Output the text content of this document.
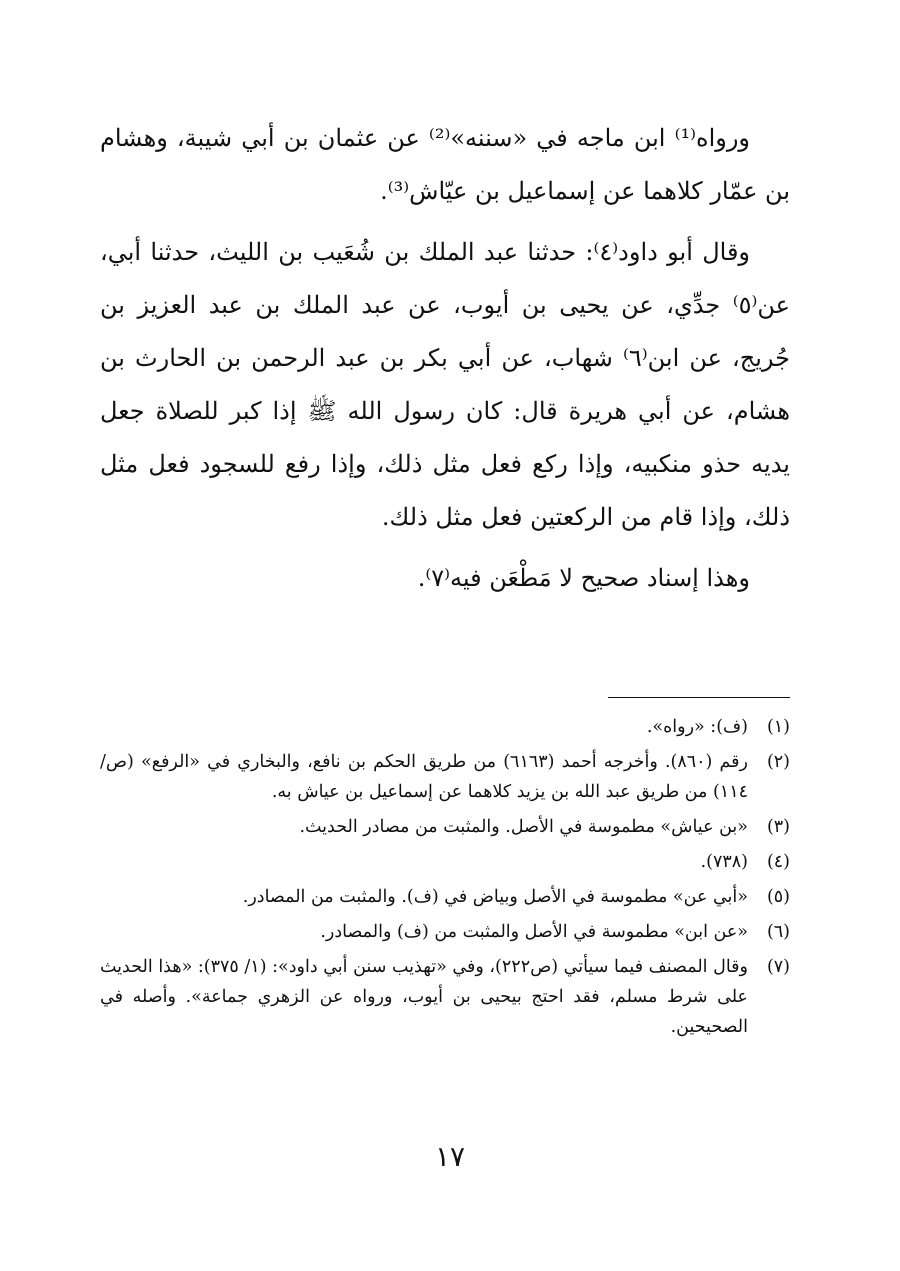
ورواه⁽¹⁾ ابن ماجه في «سننه»⁽²⁾ عن عثمان بن أبي شيبة، وهشام بن عمّار كلاهما عن إسماعيل بن عيّاش⁽³⁾.

وقال أبو داود⁽٤⁾: حدثنا عبد الملك بن شُعَيب بن الليث، حدثنا أبي، عن⁽٥⁾ جدِّي، عن يحيى بن أيوب، عن عبد الملك بن عبد العزيز بن جُريج، عن ابن⁽٦⁾ شهاب، عن أبي بكر بن عبد الرحمن بن الحارث بن هشام، عن أبي هريرة قال: كان رسول الله ﷺ إذا كبر للصلاة جعل يديه حذو منكبيه، وإذا ركع فعل مثل ذلك، وإذا رفع للسجود فعل مثل ذلك، وإذا قام من الركعتين فعل مثل ذلك.

وهذا إسناد صحيح لا مَطْعَن فيه⁽٧⁾.

(١)
(ف): «رواه».
(٢)
رقم (٨٦٠). وأخرجه أحمد (٦١٦٣) من طريق الحكم بن نافع، والبخاري في «الرفع» (ص/ ١١٤) من طريق عبد الله بن يزيد كلاهما عن إسماعيل بن عياش به.
(٣)
«بن عياش» مطموسة في الأصل. والمثبت من مصادر الحديث.
(٤)
(٧٣٨).
(٥)
«أبي عن» مطموسة في الأصل وبياض في (ف). والمثبت من المصادر.
(٦)
«عن ابن» مطموسة في الأصل والمثبت من (ف) والمصادر.
(٧)
وقال المصنف فيما سيأتي (ص٢٢٢)، وفي «تهذيب سنن أبي داود»: (١/ ٣٧٥): «هذا الحديث على شرط مسلم، فقد احتج بيحيى بن أيوب، ورواه عن الزهري جماعة». وأصله في الصحيحين.
١٧
